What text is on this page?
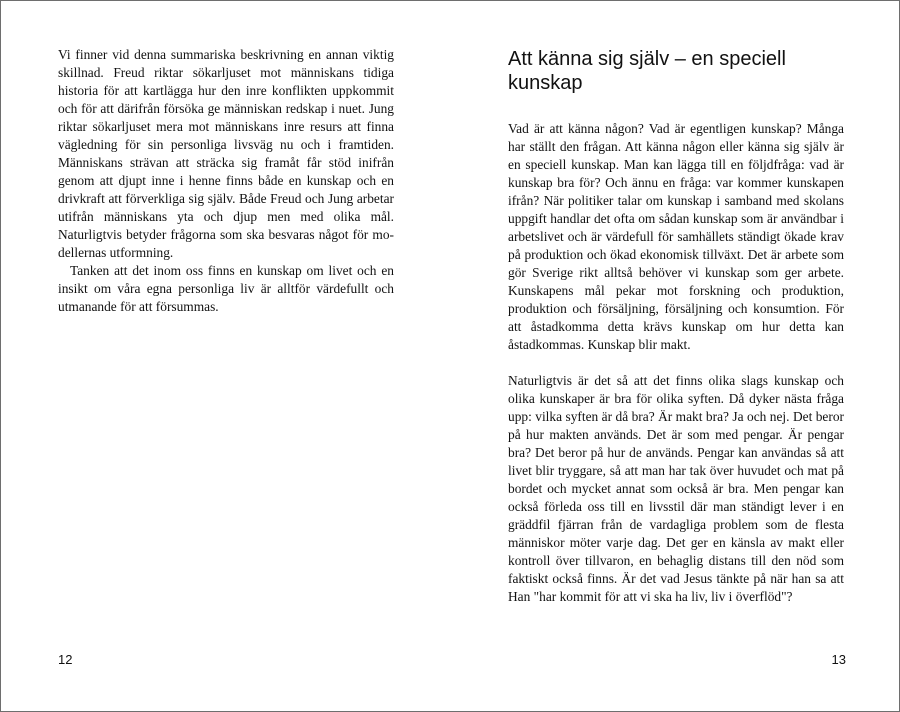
Vi finner vid denna summariska beskrivning en annan viktig skillnad. Freud riktar sökarljuset mot människans tidiga historia för att kartlägga hur den inre konflikten uppkommit och för att därifrån försöka ge människan redskap i nuet. Jung riktar sökarljuset mera mot människans inre resurs att finna vägledning för sin personliga livsväg nu och i framtiden. Människans strävan att sträcka sig framåt får stöd inifrån genom att djupt inne i henne finns både en kunskap och en drivkraft att förverkliga sig själv. Både Freud och Jung arbetar utifrån människans yta och djup men med olika mål. Naturligtvis betyder frågorna som ska besvaras något för modellernas utformning.

Tanken att det inom oss finns en kunskap om livet och en insikt om våra egna personliga liv är alltför värdefullt och utmanande för att försummas.

12
Att känna sig själv – en speciell kunskap

Vad är att känna någon? Vad är egentligen kunskap? Många har ställt den frågan. Att känna någon eller känna sig själv är en speciell kunskap. Man kan lägga till en följdfråga: vad är kunskap bra för? Och ännu en fråga: var kommer kunskapen ifrån? När politiker talar om kunskap i samband med skolans uppgift handlar det ofta om sådan kunskap som är användbar i arbetslivet och är värdefull för samhällets ständigt ökade krav på produktion och ökad ekonomisk tillväxt. Det är arbete som gör Sverige rikt alltså behöver vi kunskap som ger arbete. Kunskapens mål pekar mot forskning och produktion, produktion och försäljning, försäljning och konsumtion. För att åstadkomma detta krävs kunskap om hur detta kan åstadkommas. Kunskap blir makt.

Naturligtvis är det så att det finns olika slags kunskap och olika kunskaper är bra för olika syften. Då dyker nästa fråga upp: vilka syften är då bra? Är makt bra? Ja och nej. Det beror på hur makten används. Det är som med pengar. Är pengar bra? Det beror på hur de används. Pengar kan användas så att livet blir tryggare, så att man har tak över huvudet och mat på bordet och mycket annat som också är bra. Men pengar kan också förleda oss till en livsstil där man ständigt lever i en gräddfil fjärran från de vardagliga problem som de flesta människor möter varje dag. Det ger en känsla av makt eller kontroll över tillvaron, en behaglig distans till den nöd som faktiskt också finns. Är det vad Jesus tänkte på när han sa att Han "har kommit för att vi ska ha liv, liv i överflöd"?

13
